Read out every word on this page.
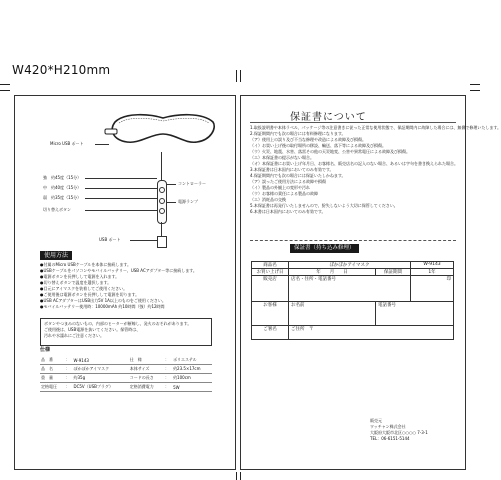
W420*H210mm
Micro USB ポート
コントローラー
強　約45度（15分）
中　約40度（15分）
弱　約35度（15分）
電源ランプ
切り替えボタン
USB ポート
使用方法
●付属のMicro USBケーブルを本体に接続します。
●USBケーブルをパソコンやモバイルバッテリー、USB ACアダプター等に接続します。
●電源ボタンを長押しして電源を入れます。
●切り替えボタンで温度を選択します。
●目元にアイマスクを装着してご使用ください。
●ご使用後は電源ボタンを長押しして電源を切ります。
●USB ACアダプターはUSB出力5V 1A以上のものをご使用ください。
●モバイルバッテリー使用時：10000mAh 約10時間（強）約12時間
ボタンやつまみのないもの、内部のヒーターが断線し、発火のおそれがあります。
ご使用後は、USB電源を抜いてください。保管時は、
汚れや水濡れにご注意ください。
仕様
品　番	：	W-9143	仕　様	：	ポリエステル
品　名	：	ぽかぽかアイマスク	本体サイズ	：	約23.5×17cm
重　量	：	約35g	コードの長さ	：	約100cm
定格電圧	：	DC5V（USBプラグ）	定格消費電力	：	5W
保証書について
1.取扱説明書や本体ラベル、パッケージ等の注意書きに従った正常な使用状態で、保証期間内に故障した場合には、無償で修理いたします。
2.保証期間内でも次の場合には有料修理になります。
（ア）使用上の誤り及び不当な修理や改造による故障及び損傷。
（イ）お買い上げ後の取付場所の移設、輸送、落下等による故障及び損傷。
（ウ）火災、地震、水害、落雷その他の天災地変、公害や異常電圧による故障及び損傷。
（エ）本保証書の提示がない場合。
（オ）本保証書にお買い上げ年月日、お客様名、販売店名の記入のない場合、あるいは字句を書き換えられた場合。
3.本保証書は日本国内においてのみ有効です。
4.保証期間内でも次の場合には保証いたしかねます。
（ア）誤ったご使用方法による故障や損傷
（イ）製品の外観上の変形や汚れ
（ウ）お客様の責任による製品の故障
（エ）消耗品の交換
5.本保証書は再発行いたしませんので、紛失しないよう大切に保管してください。
6.本書は日本国内においてのみ有効です。
保証書（持ち込み修理）
商品名	ぽかぽかアイマスク		W-9143
お買い上げ日	年　　月　　日	保証期間	1年
販売店	店名・住所・電話番号		印
お客様	お名前	電話番号	
ご署名	ご住所　〒		
販売元
ワッチャン株式会社
大阪府大阪市北区○○○○ 7-3-1
TEL：06-6151-5144
